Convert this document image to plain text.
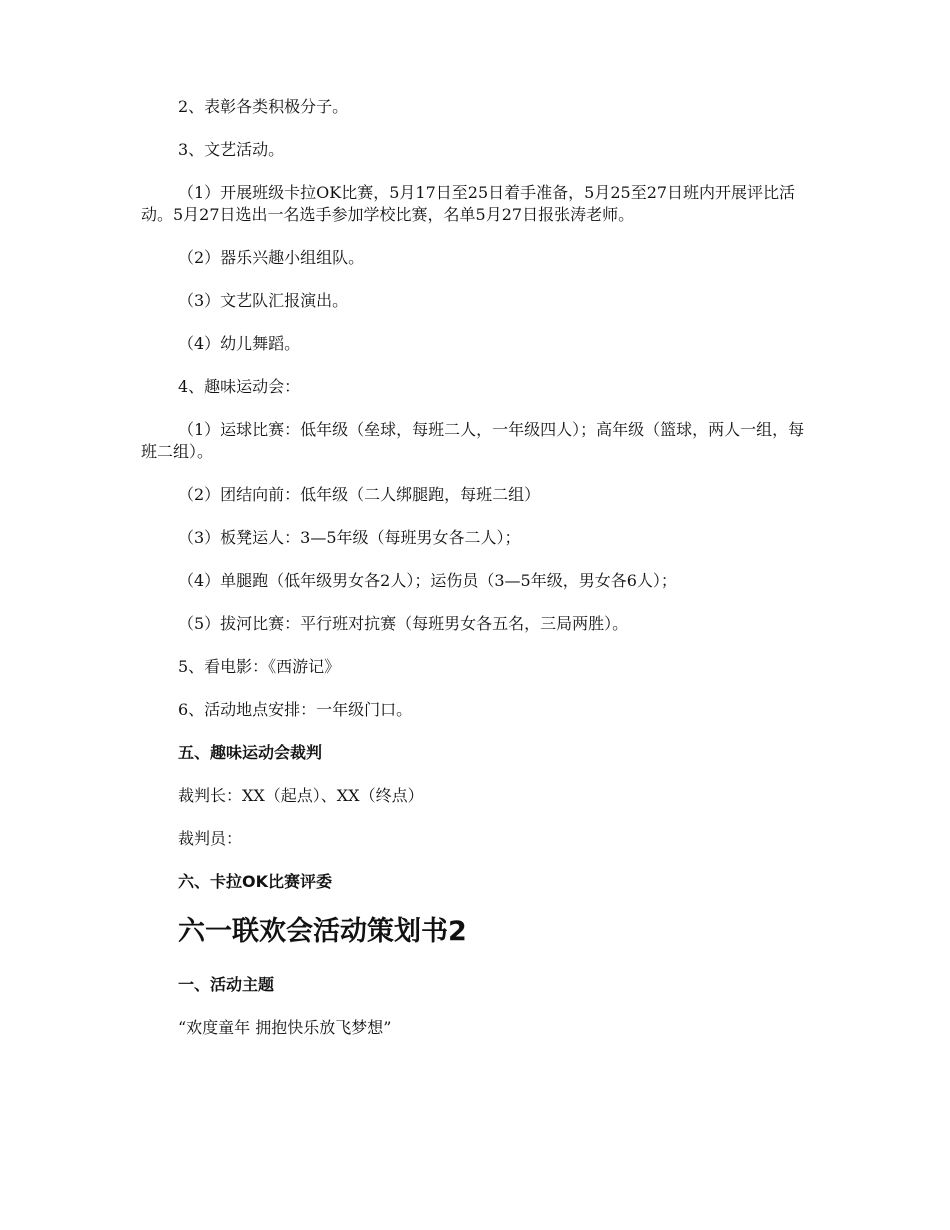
2、表彰各类积极分子。

3、文艺活动。

（1）开展班级卡拉OK比赛，5月17日至25日着手准备，5月25至27日班内开展评比活动。5月27日选出一名选手参加学校比赛，名单5月27日报张涛老师。

（2）器乐兴趣小组组队。

（3）文艺队汇报演出。

（4）幼儿舞蹈。

4、趣味运动会：

（1）运球比赛：低年级（垒球，每班二人，一年级四人）；高年级（篮球，两人一组，每班二组）。

（2）团结向前：低年级（二人绑腿跑，每班二组）

（3）板凳运人：3—5年级（每班男女各二人）；

（4）单腿跑（低年级男女各2人）；运伤员（3—5年级，男女各6人）；

（5）拔河比赛：平行班对抗赛（每班男女各五名，三局两胜）。

5、看电影：《西游记》

6、活动地点安排：一年级门口。

五、趣味运动会裁判

裁判长：XX（起点）、XX（终点）

裁判员：

六、卡拉OK比赛评委

六一联欢会活动策划书2

一、活动主题

“欢度童年 拥抱快乐放飞梦想”
